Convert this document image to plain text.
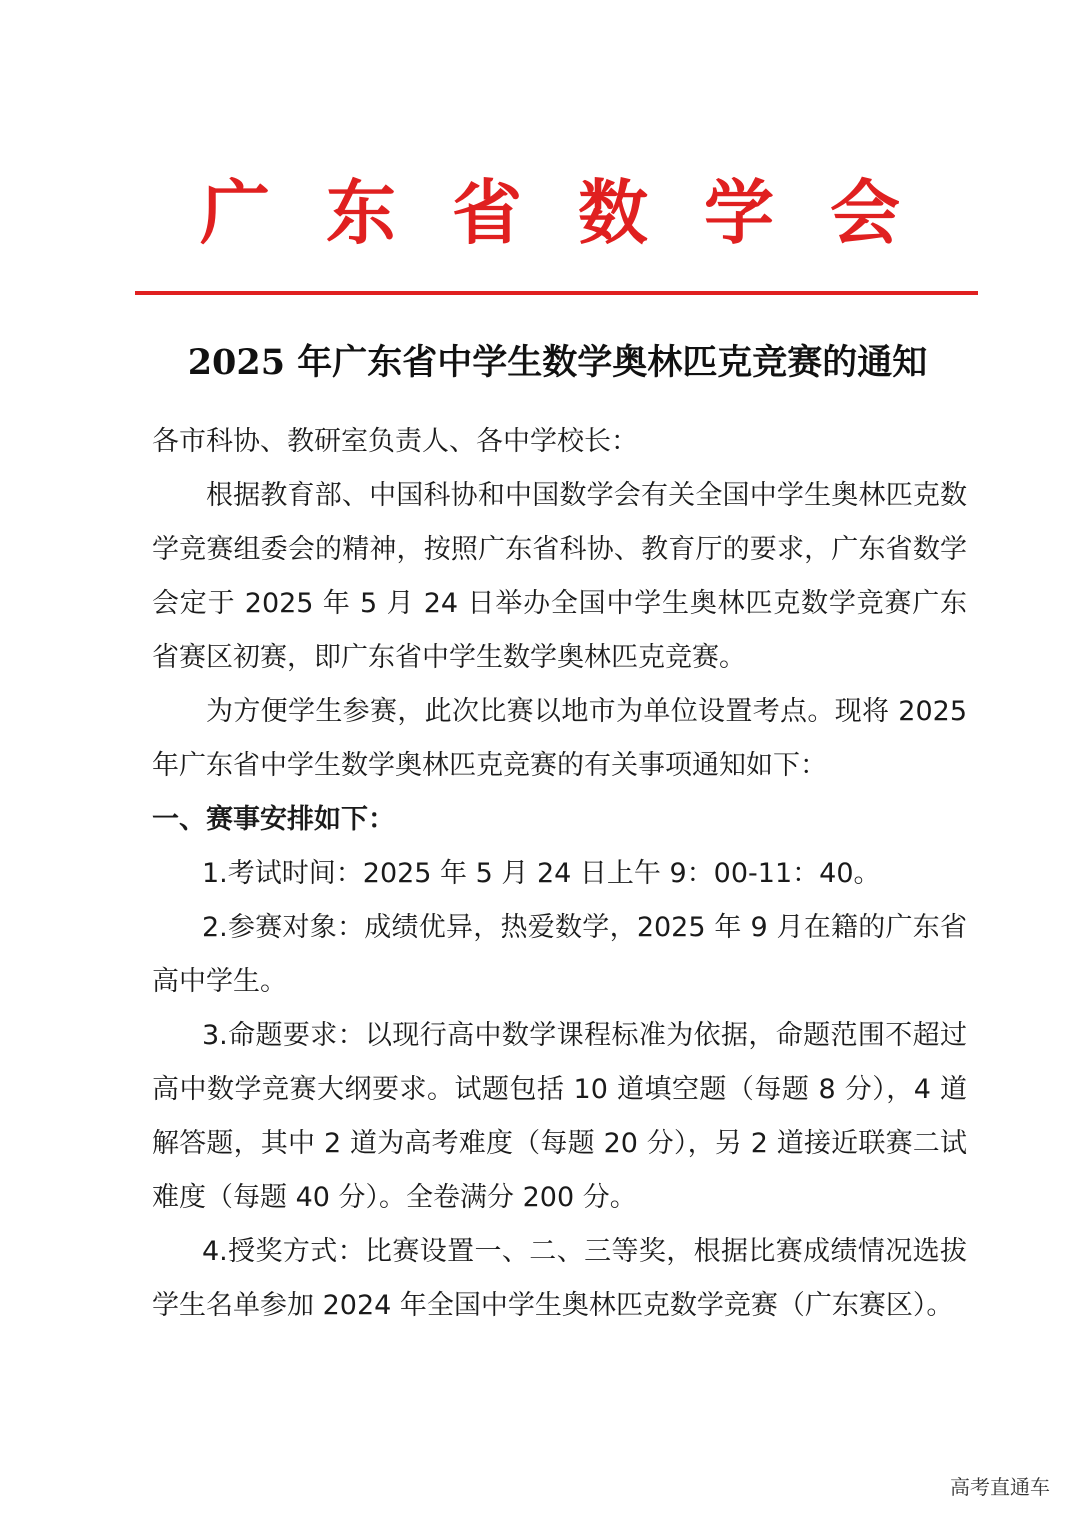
广 东 省 数 学 会
2025 年广东省中学生数学奥林匹克竞赛的通知

各市科协、教研室负责人、各中学校长：

根据教育部、中国科协和中国数学会有关全国中学生奥林匹克数学竞赛组委会的精神，按照广东省科协、教育厅的要求，广东省数学会定于 2025 年 5 月 24 日举办全国中学生奥林匹克数学竞赛广东省赛区初赛，即广东省中学生数学奥林匹克竞赛。

为方便学生参赛，此次比赛以地市为单位设置考点。现将 2025 年广东省中学生数学奥林匹克竞赛的有关事项通知如下：

一、赛事安排如下：

1.考试时间：2025 年 5 月 24 日上午 9：00-11：40。

2.参赛对象：成绩优异，热爱数学，2025 年 9 月在籍的广东省高中学生。

3.命题要求：以现行高中数学课程标准为依据，命题范围不超过高中数学竞赛大纲要求。试题包括 10 道填空题（每题 8 分），4 道解答题，其中 2 道为高考难度（每题 20 分），另 2 道接近联赛二试难度（每题 40 分）。全卷满分 200 分。

4.授奖方式：比赛设置一、二、三等奖，根据比赛成绩情况选拔学生名单参加 2024 年全国中学生奥林匹克数学竞赛（广东赛区）。

高考直通车
